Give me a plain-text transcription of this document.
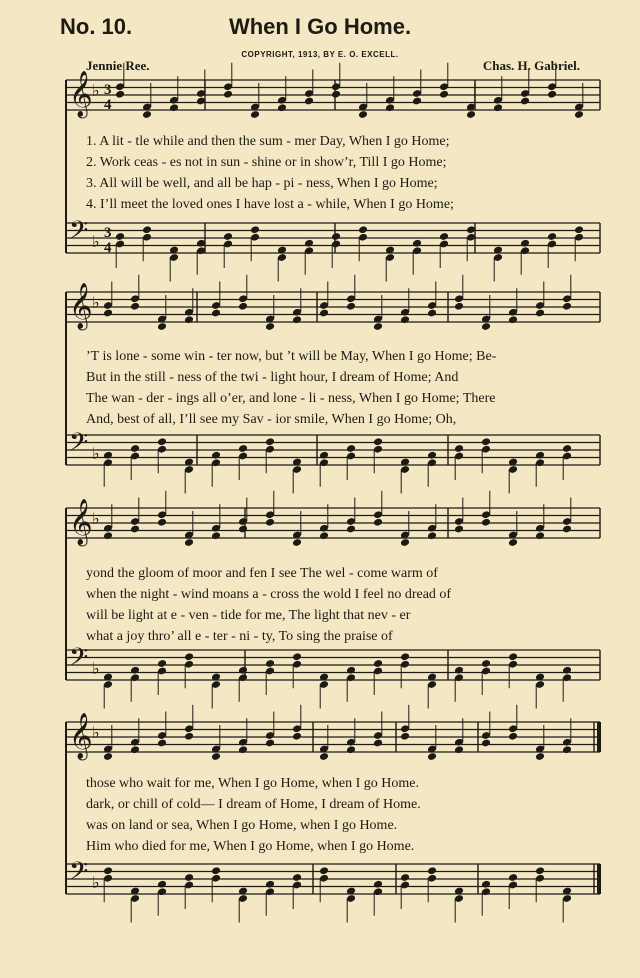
No. 10.	When I Go Home.
COPYRIGHT, 1913, BY E. O. EXCELL.
Jennie Ree.	Chas. H. Gabriel.
𝄞 ♭ 3
4
𝄢 ♭ 3
4
𝄞 ♭
𝄢 ♭
𝄞 ♭
𝄢 ♭
𝄞 ♭
𝄢 ♭
1. A lit - tle while and then the sum - mer Day, When I go Home;
2. Work ceas - es not in sun - shine or in show’r, Till I go Home;
3. All will be well, and all be hap - pi - ness, When I go Home;
4. I’ll meet the loved ones I have lost a - while, When I go Home;
’T is lone - some win - ter now, but ’t will be May, When I go Home; Be-
But in the still - ness of the twi - light hour, I dream of Home; And
The wan - der - ings all o’er, and lone - li - ness, When I go Home; There
And, best of all, I’ll see my Sav - ior smile, When I go Home; Oh,
yond the gloom of moor and fen I see The wel - come warm of
when the night - wind moans a - cross the wold I feel no dread of
will be light at e - ven - tide for me, The light that nev - er
what a joy thro’ all e - ter - ni - ty, To sing the praise of
those who wait for me, When I go Home, when I go Home.
dark, or chill of cold— I dream of Home, I dream of Home.
was on land or sea, When I go Home, when I go Home.
Him who died for me, When I go Home, when I go Home.
